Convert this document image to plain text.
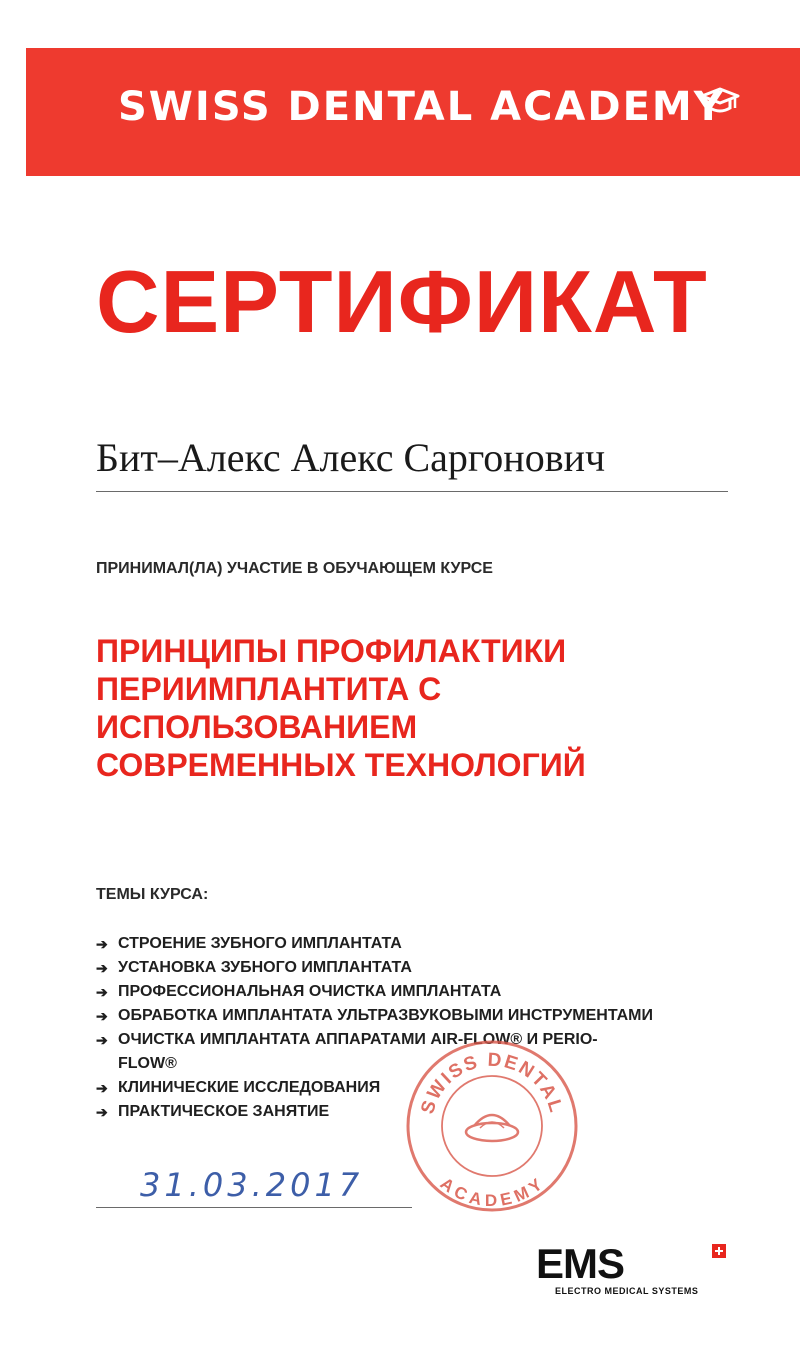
SWISS DENTAL ACADEMY
СЕРТИФИКАТ
Бит–Алекс Алекс Саргонович
ПРИНИМАЛ(ЛА) УЧАСТИЕ В ОБУЧАЮЩЕМ КУРСЕ
ПРИНЦИПЫ ПРОФИЛАКТИКИ
ПЕРИИМПЛАНТИТА С
ИСПОЛЬЗОВАНИЕМ
СОВРЕМЕННЫХ ТЕХНОЛОГИЙ
ТЕМЫ КУРСА:
➔ СТРОЕНИЕ ЗУБНОГО ИМПЛАНТАТА
➔ УСТАНОВКА ЗУБНОГО ИМПЛАНТАТА
➔ ПРОФЕССИОНАЛЬНАЯ ОЧИСТКА ИМПЛАНТАТА
➔ ОБРАБОТКА ИМПЛАНТАТА УЛЬТРАЗВУКОВЫМИ ИНСТРУМЕНТАМИ
➔ ОЧИСТКА ИМПЛАНТАТА АППАРАТАМИ AIR-FLOW® И PERIO-FLOW®
➔ КЛИНИЧЕСКИЕ ИССЛЕДОВАНИЯ
➔ ПРАКТИЧЕСКОЕ ЗАНЯТИЕ	SWISS DENTAL
ACADEMY
31.03.2017
EMS
ELECTRO MEDICAL SYSTEMS
